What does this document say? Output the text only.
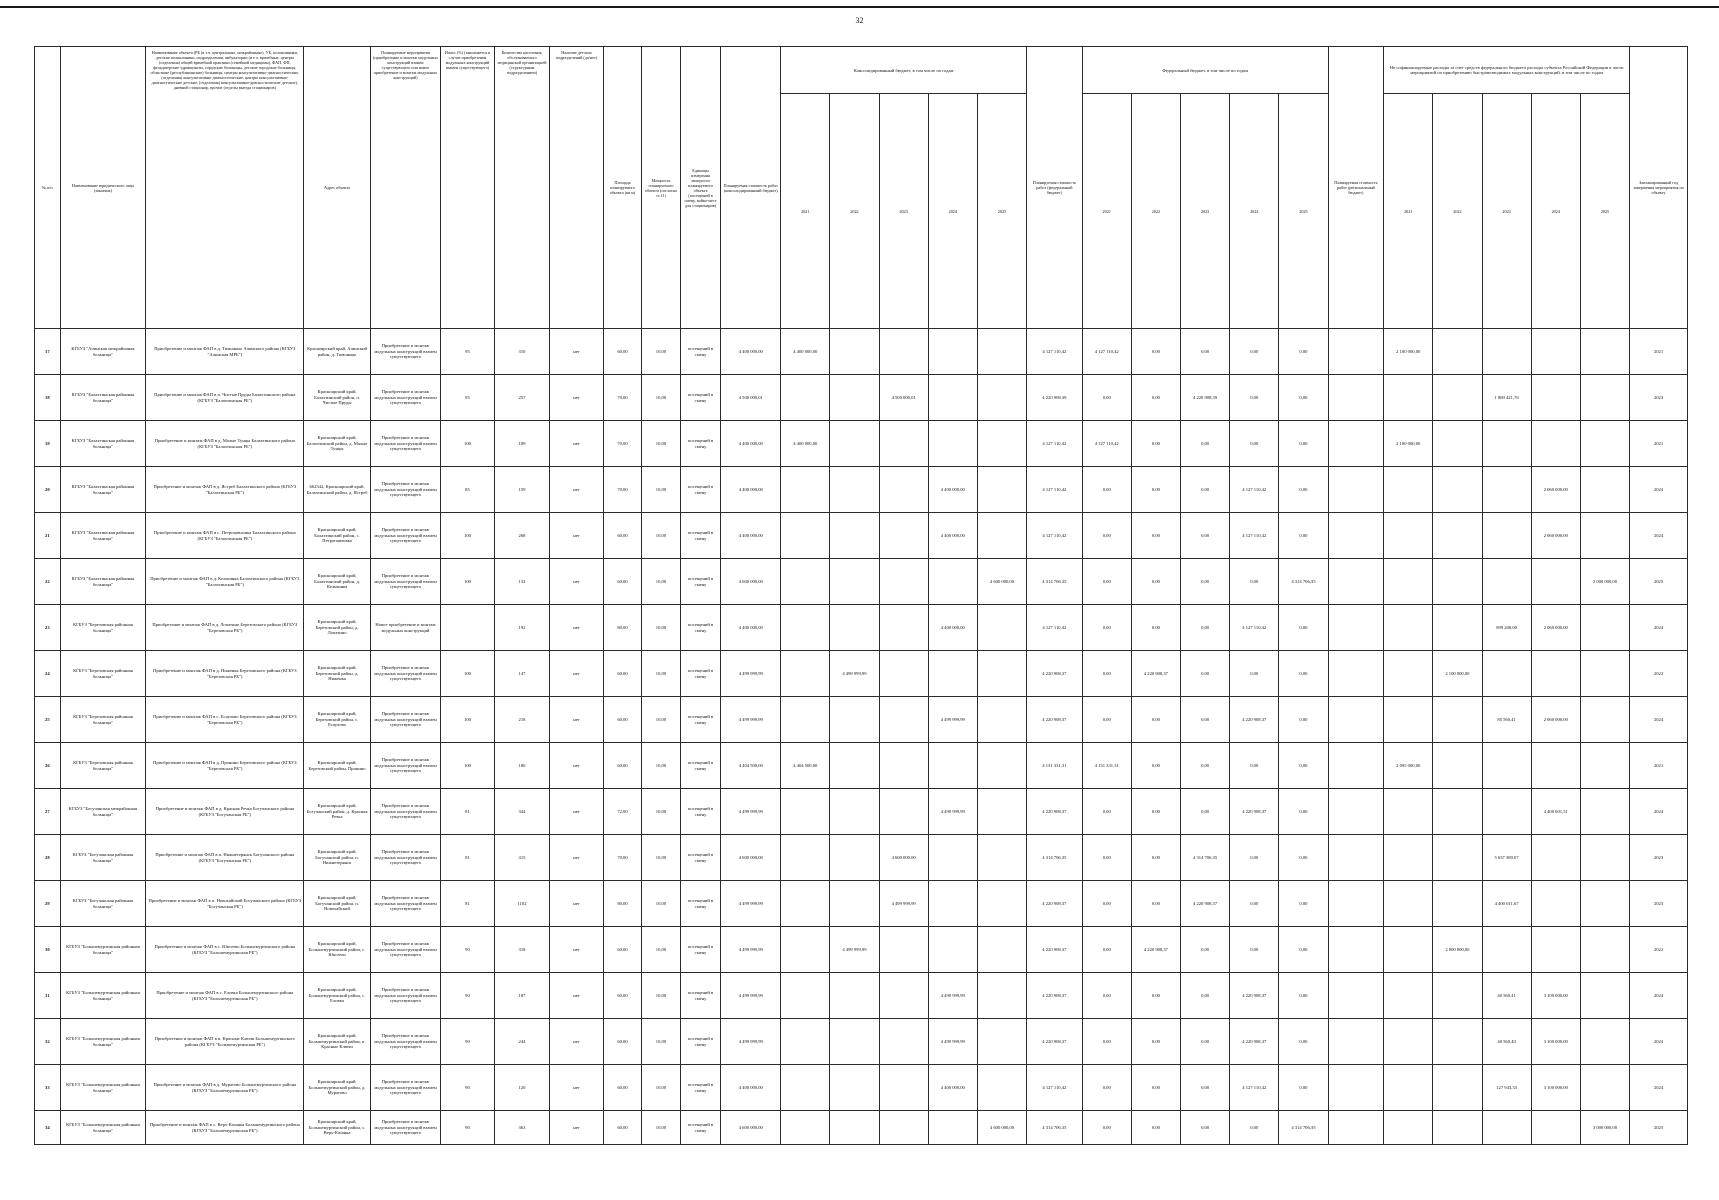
32
№ п/п	Наименование юридического лица (заказчик)	Наименование объекта (РБ (в т.ч. центральные, межрайонные), УБ, поликлиники, детские поликлиники, подразделения, амбулатории (в т.ч. врачебные, центры (отделения) общей врачебной практики (семейной медицины), ФАП, ФП, фельдшерские здравпункты, городские больницы, детские городские больницы, областные (республиканские) больницы, центры консультативно-диагностические, (отделения) консультативно-диагностические, центры консультативно-диагностические детские, (отделения) консультативно-диагностические детские), дневной стационар, прочие (отделы выезда стационаров)	Адрес объекта	Планируемые мероприятия (приобретение и монтаж модульных конструкций взамен существующего или новое приобретение и монтаж модульных конструкций)	Износ (%) (заполняется в случае приобретения модульных конструкций взамен существующего)	Количество населения, обслуживаемого медицинской организацией (структурным подразделением)	Наличие детских подразделений (да/нет)	Площадь планируемого объекта (кв.м)	Мощность планируемого объекта (согласно ст.11)	Единицы измерения мощности планируемого объекта (посещений в смену, койко-мест для стационаров)	Планируемая стоимость работ (консолидированный бюджет)	Консолидированный бюджет, в том числе по годам					Планируемая стоимость работ (федеральный бюджет)	Федеральный бюджет, в том числе по годам					Планируемая стоимость работ (региональный бюджет)	Не софинансируемые расходы за счет средств федерального бюджета расходы субъекта Российской Федерации в части мероприятий по приобретению быстровозводимых модульных конструкций, в том числе по годам					Запланированный год завершения мероприятия по объекту
												2021	2022	2023	2024	2025		2021	2022	2023	2024	2025		2021	2022	2023	2024	2025	
17	КГБУЗ "Ачинская межрайонная больница"	Приобретение и монтаж ФАП в д. Тимонино Ачинского района (КГБУЗ "Ачинская МРБ")	Красноярский край, Ачинский район, д. Тимонино	Приобретение и монтаж модульных конструкций взамен существующего	95	310	нет	60,00	10,00	посещений в смену	4 400 000,00	4 400 000,00					4 127 110,42	4 127 110,42	0,00	0,00	0,00	0,00		2 100 000,00					2021
18	КГБУЗ "Балахтинская районная больница"	Приобретение и монтаж ФАП в п. Чистые Пруды Балахтинского района (КГБУЗ "Балахтинская РБ")	Красноярский край, Балахтинский район, п. Чистые Пруды	Приобретение и монтаж модульных конструкций взамен существующего	95	257	нет	70,00	10,00	посещений в смену	4 500 000,01			4 500 000,01			4 220 908,39	0,00	0,00	4 220 908,39	0,00	0,00				1 880 421,76			2023
19	КГБУЗ "Балахтинская районная больница"	Приобретение и монтаж ФАП в д. Малые Тунцы Балахтинского района (КГБУЗ "Балахтинская РБ")	Красноярский край, Балахтинский район, д. Малые Тунцы	Приобретение и монтаж модульных конструкций взамен существующего	100	189	нет	70,00	10,00	посещений в смену	4 400 000,00	4 400 000,00					4 127 110,42	4 127 110,42	0,00	0,00	0,00	0,00		2 100 000,00					2021
20	КГБУЗ "Балахтинская районная больница"	Приобретение и монтаж ФАП в д. Ястреб Балахтинского района (КГБУЗ "Балахтинская РБ")	662342, Красноярский край, Балахтинский район, д. Ястреб	Приобретение и монтаж модульных конструкций взамен существующего	85	159	нет	70,00	10,00	посещений в смену	4 400 000,00				4 400 000,00		4 127 110,42	0,00	0,00	0,00	4 127 110,42	0,00					2 060 000,00		2024
21	КГБУЗ "Балахтинская районная больница"	Приобретение и монтаж ФАП в с. Петропавловка Балахтинского района (КГБУЗ "Балахтинская РБ")	Красноярский край, Балахтинский район, с. Петропавловка	Приобретение и монтаж модульных конструкций взамен существующего	100	268	нет	60,00	10,00	посещений в смену	4 400 000,00				4 400 000,00		4 127 110,42	0,00	0,00	0,00	4 127 110,42	0,00					2 060 000,00		2024
22	КГБУЗ "Балахтинская районная больница"	Приобретение и монтаж ФАП в д. Кельчинка Балахтинского района (КГБУЗ "Балахтинская РБ")	Красноярский край, Балахтинский район, д. Кельчинка	Приобретение и монтаж модульных конструкций взамен существующего	100	132	нет	60,00	10,00	посещений в смену	4 600 000,00					4 600 000,00	4 314 706,35	0,00	0,00	0,00	0,00	4 314 706,35						2 000 000,00	2025
23	КГБУЗ "Березовская районная больница"	Приобретение и монтаж ФАП в д. Лопатино Березовского района (КГБУЗ "Березовская РБ")	Красноярский край, Березовский район, д. Лопатино	Новое приобретение и монтаж модульных конструкций		192	нет	80,00	10,00	посещений в смену	4 400 000,00				4 400 000,00		4 127 110,42	0,00	0,00	0,00	4 127 110,42	0,00				899 200,00	2 060 000,00		2024
24	КГБУЗ "Березовская районная больница"	Приобретение и монтаж ФАП в д. Ниженка Березовского района (КГБУЗ "Березовская РБ")	Красноярский край, Березовский район, д. Ниженка	Приобретение и монтаж модульных конструкций взамен существующего	100	147	нет	60,00	10,00	посещений в смену	4 499 999,99		4 499 999,99				4 220 908,37	0,00	4 220 908,37	0,00	0,00	0,00			2 100 000,00				2022
25	КГБУЗ "Березовская районная больница"	Приобретение и монтаж ФАП в с. Есаулово Березовского района (КГБУЗ "Березовская РБ")	Красноярский край, Березовский район, с. Есаулово	Приобретение и монтаж модульных конструкций взамен существующего	100	218	нет	60,00	10,00	посещений в смену	4 499 999,99				4 499 999,99		4 220 908,37	0,00	0,00	0,00	4 220 908,37	0,00				85 560,41	2 060 000,00		2024
26	КГБУЗ "Березовская районная больница"	Приобретение и монтаж ФАП в д. Пронино Березовского района (КГБУЗ "Березовская РБ")	Красноярский край, Березовский район, Пронино	Приобретение и монтаж модульных конструкций взамен существующего	100	186	нет	60,00	10,00	посещений в смену	4 404 500,00	4 404 500,00					4 131 331,31	4 131 331,31	0,00	0,00	0,00	0,00		2 095 000,00					2021
27	КГБУЗ "Богучанская межрайонная больница"	Приобретение и монтаж ФАП в д. Красная Речка Богучанского района (КГБУЗ "Богучанская РБ")	Красноярский край, Богучанский район, д. Красная Речка	Приобретение и монтаж модульных конструкций взамен существующего	81	344	нет	72,00	10,00	посещений в смену	4 499 999,99				4 499 999,99		4 220 908,37	0,00	0,00	0,00	4 220 908,37	0,00					4 400 601,51		2024
28	КГБУЗ "Богучанская районная больница"	Приобретение и монтаж ФАП в п. Нижнетерянск Богучанского района (КГБУЗ "Богучанская РБ")	Красноярский край, Богучанский район, п. Нижнетерянск	Приобретение и монтаж модульных конструкций взамен существующего	81	415	нет	70,00	10,00	посещений в смену	4 600 000,00			4 600 000,00			4 314 706,35	0,00	0,00	4 314 706,35	0,00	0,00				5 637 380,07			2023
29	КГБУЗ "Богучанская районная больница"	Приобретение и монтаж ФАП в п. Новохайский Богучанского района (КГБУЗ "Богучанская РБ")	Красноярский край, Богучанский район, п. Новохайский	Приобретение и монтаж модульных конструкций взамен существующего	81	1102	нет	80,00	10,00	посещений в смену	4 499 999,99			4 499 999,99			4 220 908,37	0,00	0,00	4 220 908,37	0,00	0,00				4 400 011,67			2023
30	КГБУЗ "Большемуртинская районная больница"	Приобретение и монтаж ФАП в с. Юксеево Большемуртинского района (КГБУЗ "Большемуртинская РБ")	Красноярский край, Большемуртинский район, с. Юксеево	Приобретение и монтаж модульных конструкций взамен существующего	90	318	нет	60,00	10,00	посещений в смену	4 499 999,99		4 499 999,99				4 220 908,37	0,00	4 220 908,37	0,00	0,00	0,00			2 000 000,00				2022
31	КГБУЗ "Большемуртинская районная больница"	Приобретение и монтаж ФАП в с. Еловка Большемуртинского района (КГБУЗ "Большемуртинская РБ")	Красноярский край, Большемуртинский район, с. Еловка	Приобретение и монтаж модульных конструкций взамен существующего	90	187	нет	60,00	10,00	посещений в смену	4 499 999,99				4 499 999,99		4 220 908,37	0,00	0,00	0,00	4 220 908,37	0,00				40 560,41	3 100 000,00		2024
32	КГБУЗ "Большемуртинская районная больница"	Приобретение и монтаж ФАП в п. Красные Ключи Большемуртинского района (КГБУЗ "Большемуртинская РБ")	Красноярский край, Большемуртинский район, п. Красные Ключи	Приобретение и монтаж модульных конструкций взамен существующего	90	244	нет	60,00	10,00	посещений в смену	4 499 999,99				4 499 999,99		4 220 908,37	0,00	0,00	0,00	4 220 908,37	0,00				40 560,40	3 100 000,00		2024
33	КГБУЗ "Большемуртинская районная больница"	Приобретение и монтаж ФАП в д. Муратово Большемуртинского района (КГБУЗ "Большемуртинская РБ")	Красноярский край, Большемуртинский район, д. Муратово	Приобретение и монтаж модульных конструкций взамен существующего	90	120	нет	60,00	10,00	посещений в смену	4 400 000,00				4 400 000,00		4 127 110,42	0,00	0,00	0,00	4 127 110,42	0,00				127 943,33	3 100 000,00		2024
34	КГБУЗ "Большемуртинская районная больница"	Приобретение и монтаж ФАП в с. Верх-Казанка Большемуртинского района (КГБУЗ "Большемуртинская РБ")	Красноярский край, Большемуртинский район, с. Верх-Казанка	Приобретение и монтаж модульных конструкций взамен существующего	90	363	нет	60,00	10,00	посещений в смену	4 600 000,00					4 600 000,00	4 314 706,35	0,00	0,00	0,00	0,00	4 314 706,35						3 000 000,00	2025
